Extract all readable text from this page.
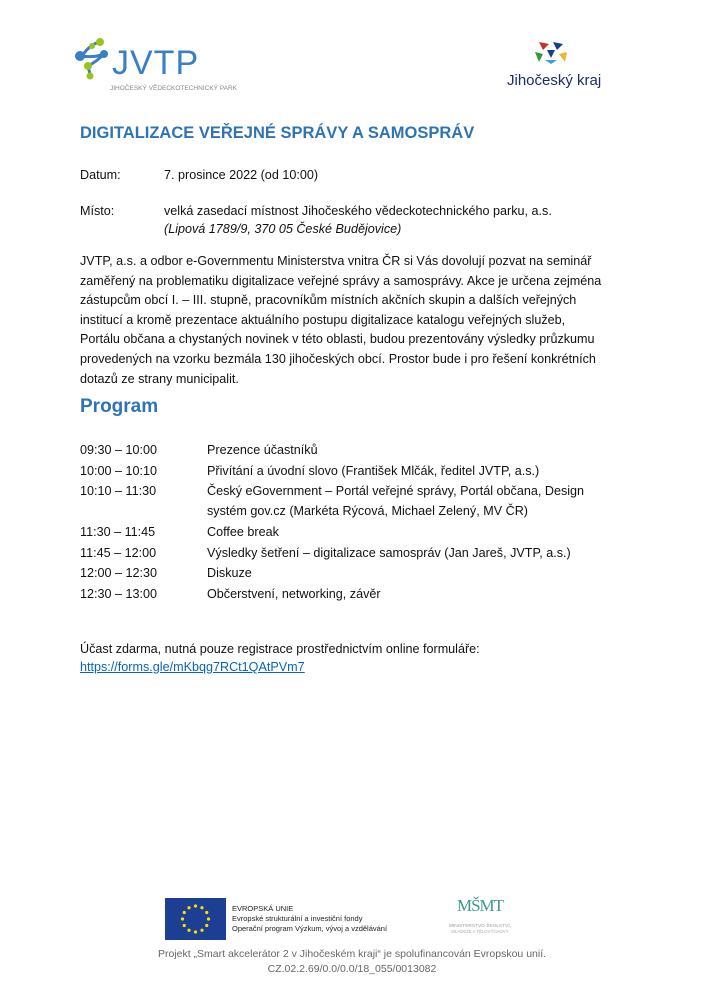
JVTP
JIHOČESKÝ VĚDECKOTECHNICKÝ PARK	Jihočeský kraj
DIGITALIZACE VEŘEJNÉ SPRÁVY A SAMOSPRÁV
Datum:	7. prosince 2022 (od 10:00)
Místo:	velká zasedací místnost Jihočeského vědeckotechnického parku, a.s.
(Lipová 1789/9, 370 05 České Budějovice)
JVTP, a.s. a odbor e-Governmentu Ministerstva vnitra ČR si Vás dovolují pozvat na seminář
zaměřený na problematiku digitalizace veřejné správy a samosprávy. Akce je určena zejména
zástupcům obcí I. – III. stupně, pracovníkům místních akčních skupin a dalších veřejných
institucí a kromě prezentace aktuálního postupu digitalizace katalogu veřejných služeb,
Portálu občana a chystaných novinek v této oblasti, budou prezentovány výsledky průzkumu
provedených na vzorku bezmála 130 jihočeských obcí. Prostor bude i pro řešení konkrétních
dotazů ze strany municipalit.
Program
09:30 – 10:00	Prezence účastníků
10:00 – 10:10	Přivítání a úvodní slovo (František Mlčák, ředitel JVTP, a.s.)
10:10 – 11:30	Český eGovernment – Portál veřejné správy, Portál občana, Design
systém gov.cz (Markéta Rýcová, Michael Zelený, MV ČR)
11:30 – 11:45	Coffee break
11:45 – 12:00	Výsledky šetření – digitalizace samospráv (Jan Jareš, JVTP, a.s.)
12:00 – 12:30	Diskuze
12:30 – 13:00	Občerstvení, networking, závěr
Účast zdarma, nutná pouze registrace prostřednictvím online formuláře:
https://forms.gle/mKbqg7RCt1QAtPVm7
EVROPSKÁ UNIE
Evropské strukturální a investiční fondy
Operační program Výzkum, vývoj a vzdělávání
MŠMT
MINISTERSTVO ŠKOLSTVÍ,
MLÁDEŽE A TĚLOVÝCHOVY
Projekt „Smart akcelerátor 2 v Jihočeském kraji“ je spolufinancován Evropskou unií.
CZ.02.2.69/0.0/0.0/18_055/0013082
